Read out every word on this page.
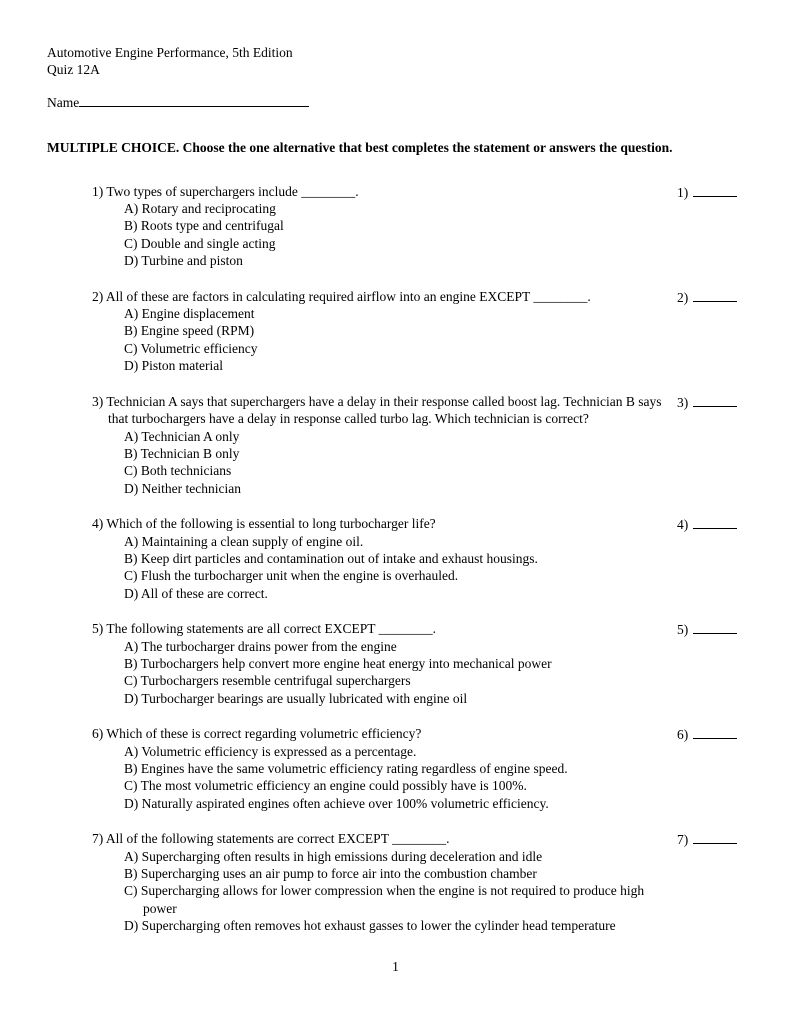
Automotive Engine Performance, 5th Edition
Quiz 12A
Name
MULTIPLE CHOICE. Choose the one alternative that best completes the statement or answers the question.
1) Two types of superchargers include ________.
A) Rotary and reciprocating
B) Roots type and centrifugal
C) Double and single acting
D) Turbine and piston
1)
2) All of these are factors in calculating required airflow into an engine EXCEPT ________.
A) Engine displacement
B) Engine speed (RPM)
C) Volumetric efficiency
D) Piston material
2)
3) Technician A says that superchargers have a delay in their response called boost lag. Technician B says that turbochargers have a delay in response called turbo lag. Which technician is correct?
A) Technician A only
B) Technician B only
C) Both technicians
D) Neither technician
3)
4) Which of the following is essential to long turbocharger life?
A) Maintaining a clean supply of engine oil.
B) Keep dirt particles and contamination out of intake and exhaust housings.
C) Flush the turbocharger unit when the engine is overhauled.
D) All of these are correct.
4)
5) The following statements are all correct EXCEPT ________.
A) The turbocharger drains power from the engine
B) Turbochargers help convert more engine heat energy into mechanical power
C) Turbochargers resemble centrifugal superchargers
D) Turbocharger bearings are usually lubricated with engine oil
5)
6) Which of these is correct regarding volumetric efficiency?
A) Volumetric efficiency is expressed as a percentage.
B) Engines have the same volumetric efficiency rating regardless of engine speed.
C) The most volumetric efficiency an engine could possibly have is 100%.
D) Naturally aspirated engines often achieve over 100% volumetric efficiency.
6)
7) All of the following statements are correct EXCEPT ________.
A) Supercharging often results in high emissions during deceleration and idle
B) Supercharging uses an air pump to force air into the combustion chamber
C) Supercharging allows for lower compression when the engine is not required to produce high power
D) Supercharging often removes hot exhaust gasses to lower the cylinder head temperature
7)
1
